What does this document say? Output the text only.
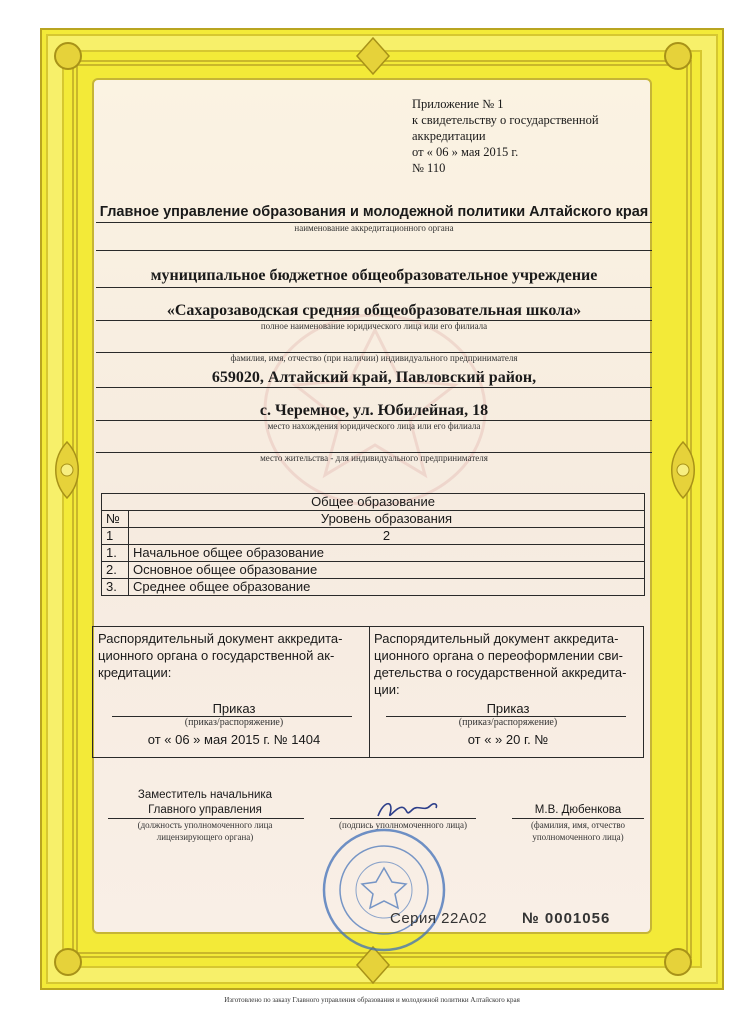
Приложение № 1
к свидетельству о государственной
аккредитации
от « 06 » мая 2015 г.
№ 110
Главное управление образования и молодежной политики Алтайского края
наименование аккредитационного органа
муниципальное бюджетное общеобразовательное учреждение
«Сахарозаводская средняя общеобразовательная школа»
полное наименование юридического лица или его филиала
фамилия, имя, отчество (при наличии) индивидуального предпринимателя
659020, Алтайский край, Павловский район,
с. Черемное, ул. Юбилейная, 18
место нахождения юридического лица или его филиала
место жительства - для индивидуального предпринимателя
Общее образование	
№	Уровень образования
1	2
1.	Начальное общее образование
2.	Основное общее образование
3.	Среднее общее образование
Распорядительный документ аккредита-
ционного органа о государственной ак-
кредитации:
Приказ
(приказ/распоряжение)
от « 06 » мая 2015 г. № 1404
Распорядительный документ аккредита-
ционного органа о переоформлении сви-
детельства о государственной аккредита-
ции:
Приказ
(приказ/распоряжение)
от « » 20 г. №
Заместитель начальника
Главного управления
(должность уполномоченного лица
лицензирующего органа)
(подпись уполномоченного лица)
М.В. Дюбенкова
(фамилия, имя, отчество
уполномоченного лица)
Серия 22А02 № 0001056
Изготовлено по заказу Главного управления образования и молодежной политики Алтайского края
